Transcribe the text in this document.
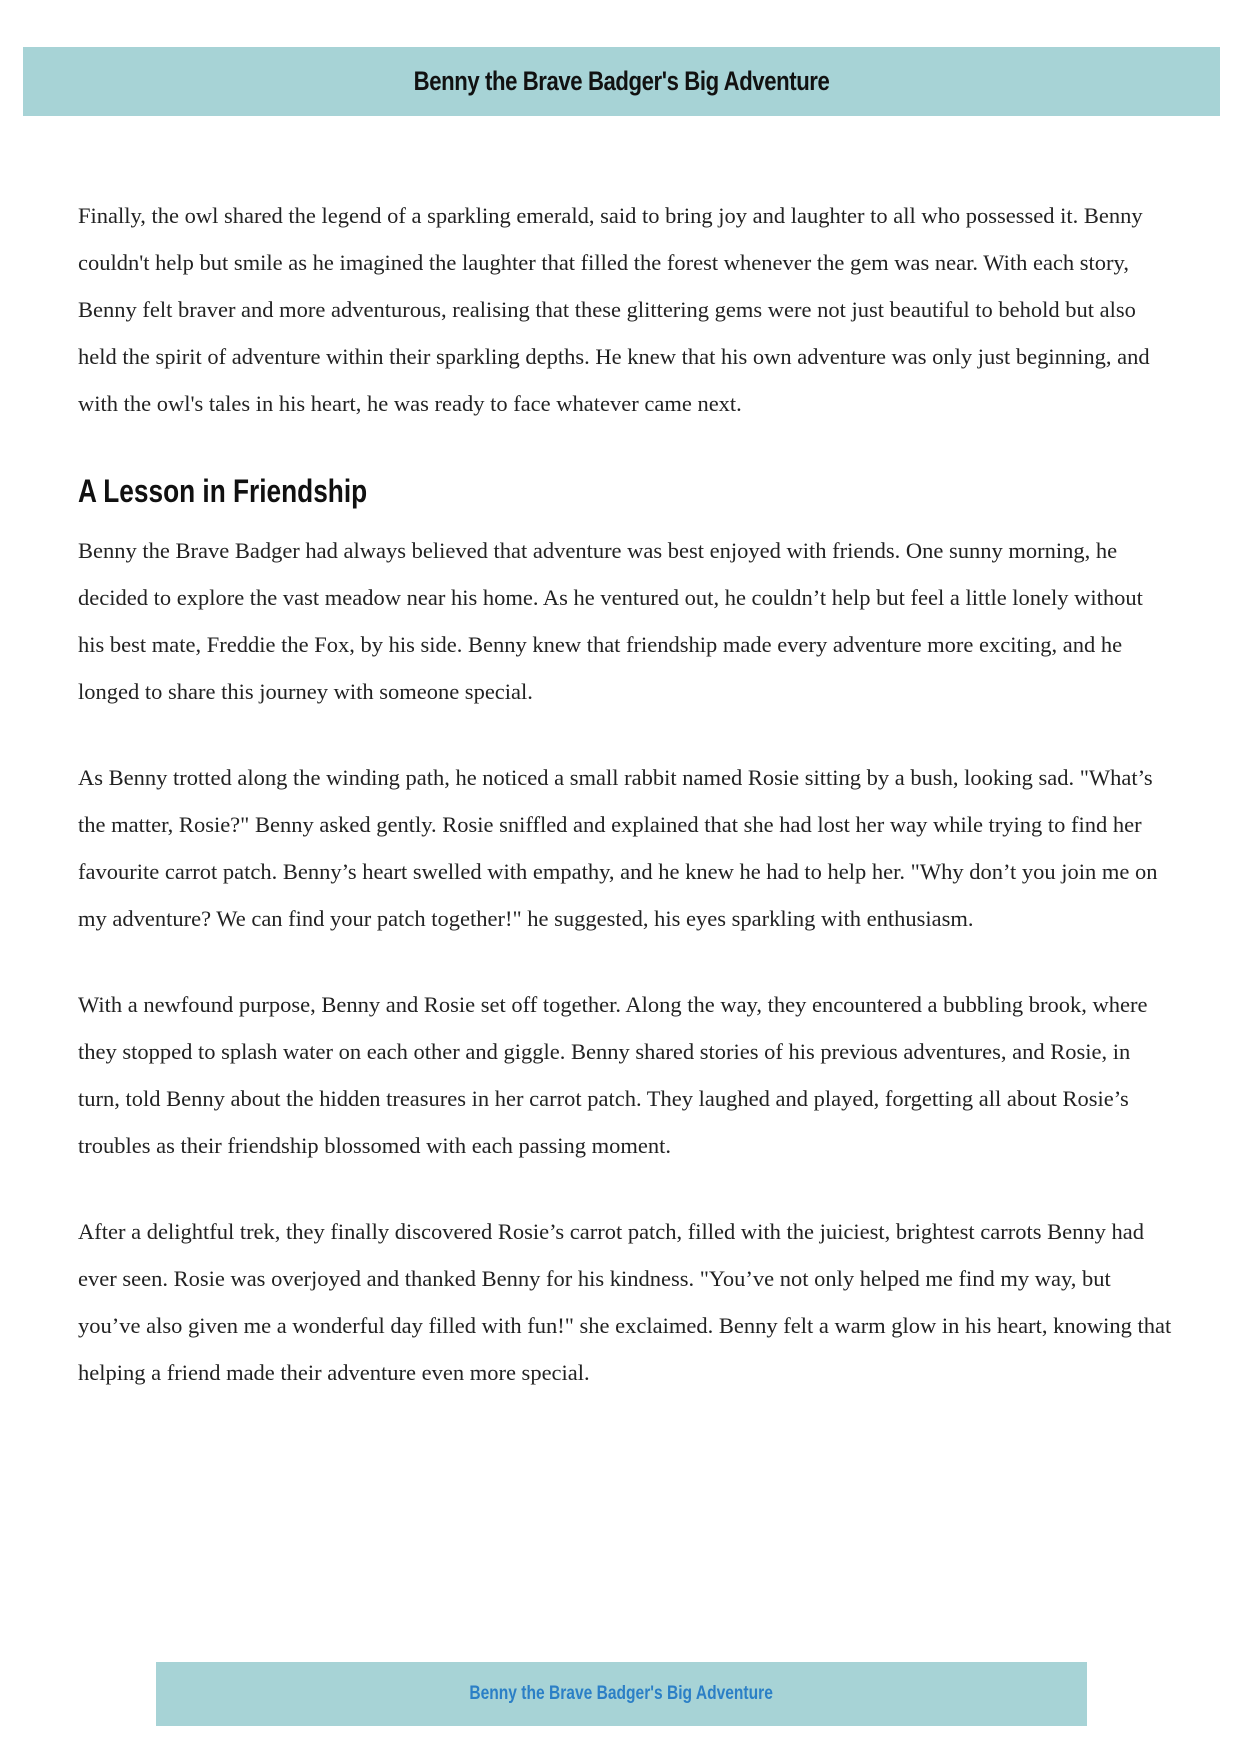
Benny the Brave Badger's Big Adventure

Finally, the owl shared the legend of a sparkling emerald, said to bring joy and laughter to all who possessed it. Benny couldn't help but smile as he imagined the laughter that filled the forest whenever the gem was near. With each story, Benny felt braver and more adventurous, realising that these glittering gems were not just beautiful to behold but also held the spirit of adventure within their sparkling depths. He knew that his own adventure was only just beginning, and with the owl's tales in his heart, he was ready to face whatever came next.

A Lesson in Friendship

Benny the Brave Badger had always believed that adventure was best enjoyed with friends. One sunny morning, he decided to explore the vast meadow near his home. As he ventured out, he couldn’t help but feel a little lonely without his best mate, Freddie the Fox, by his side. Benny knew that friendship made every adventure more exciting, and he longed to share this journey with someone special.

As Benny trotted along the winding path, he noticed a small rabbit named Rosie sitting by a bush, looking sad. "What’s the matter, Rosie?" Benny asked gently. Rosie sniffled and explained that she had lost her way while trying to find her favourite carrot patch. Benny’s heart swelled with empathy, and he knew he had to help her. "Why don’t you join me on my adventure? We can find your patch together!" he suggested, his eyes sparkling with enthusiasm.

With a newfound purpose, Benny and Rosie set off together. Along the way, they encountered a bubbling brook, where they stopped to splash water on each other and giggle. Benny shared stories of his previous adventures, and Rosie, in turn, told Benny about the hidden treasures in her carrot patch. They laughed and played, forgetting all about Rosie’s troubles as their friendship blossomed with each passing moment.

After a delightful trek, they finally discovered Rosie’s carrot patch, filled with the juiciest, brightest carrots Benny had ever seen. Rosie was overjoyed and thanked Benny for his kindness. "You’ve not only helped me find my way, but you’ve also given me a wonderful day filled with fun!" she exclaimed. Benny felt a warm glow in his heart, knowing that helping a friend made their adventure even more special.

Benny the Brave Badger's Big Adventure
